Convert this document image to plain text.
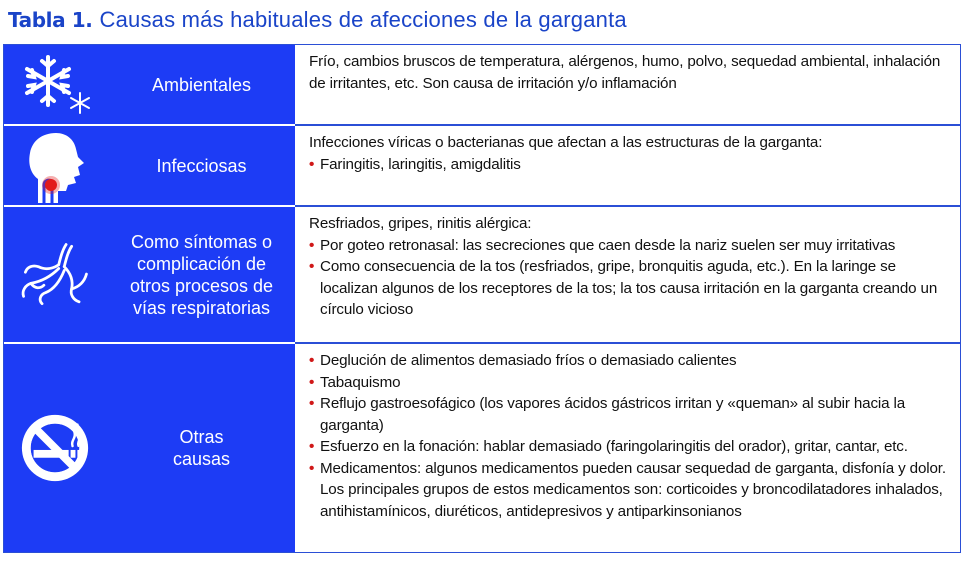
Tabla 1. Causas más habituales de afecciones de la garganta
Ambientales
Frío, cambios bruscos de temperatura, alérgenos, humo, polvo, sequedad ambiental, inhalación de irritantes, etc. Son causa de irritación y/o inflamación
Infecciosas
Infecciones víricas o bacterianas que afectan a las estructuras de la garganta:
• Faringitis, laringitis, amigdalitis
Como síntomas o
complicación de
otros procesos de
vías respiratorias
Resfriados, gripes, rinitis alérgica:
• Por goteo retronasal: las secreciones que caen desde la nariz suelen ser muy irritativas
• Como consecuencia de la tos (resfriados, gripe, bronquitis aguda, etc.). En la laringe se localizan algunos de los receptores de la tos; la tos causa irritación en la garganta creando un círculo vicioso
Otras
causas
• Deglución de alimentos demasiado fríos o demasiado calientes
• Tabaquismo
• Reflujo gastroesofágico (los vapores ácidos gástricos irritan y «queman» al subir hacia la garganta)
• Esfuerzo en la fonación: hablar demasiado (faringolaringitis del orador), gritar, cantar, etc.
• Medicamentos: algunos medicamentos pueden causar sequedad de garganta, disfonía y dolor. Los principales grupos de estos medicamentos son: corticoides y broncodilatadores inhalados, antihistamínicos, diuréticos, antidepresivos y antiparkinsonianos
